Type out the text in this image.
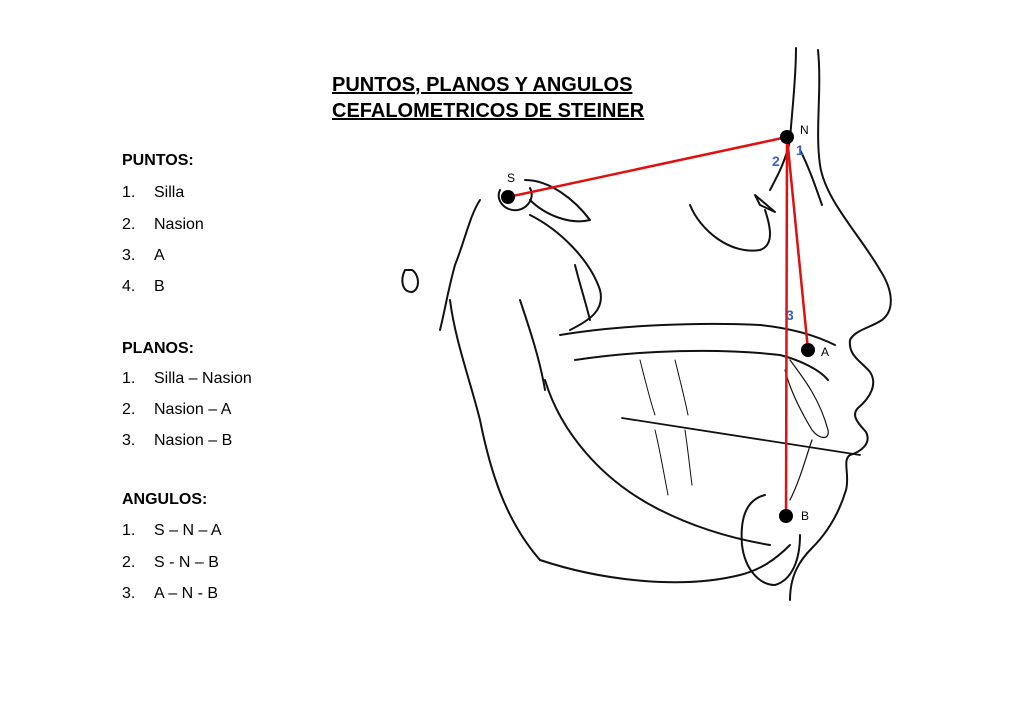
PUNTOS, PLANOS Y ANGULOS
CEFALOMETRICOS DE STEINER
PUNTOS:
1. Silla
2. Nasion
3. A
4. B
PLANOS:
1. Silla – Nasion
2. Nasion – A
3. Nasion – B
ANGULOS:
1. S – N – A
2. S - N – B
3. A – N - B
S
N
A
B
1
2
3
